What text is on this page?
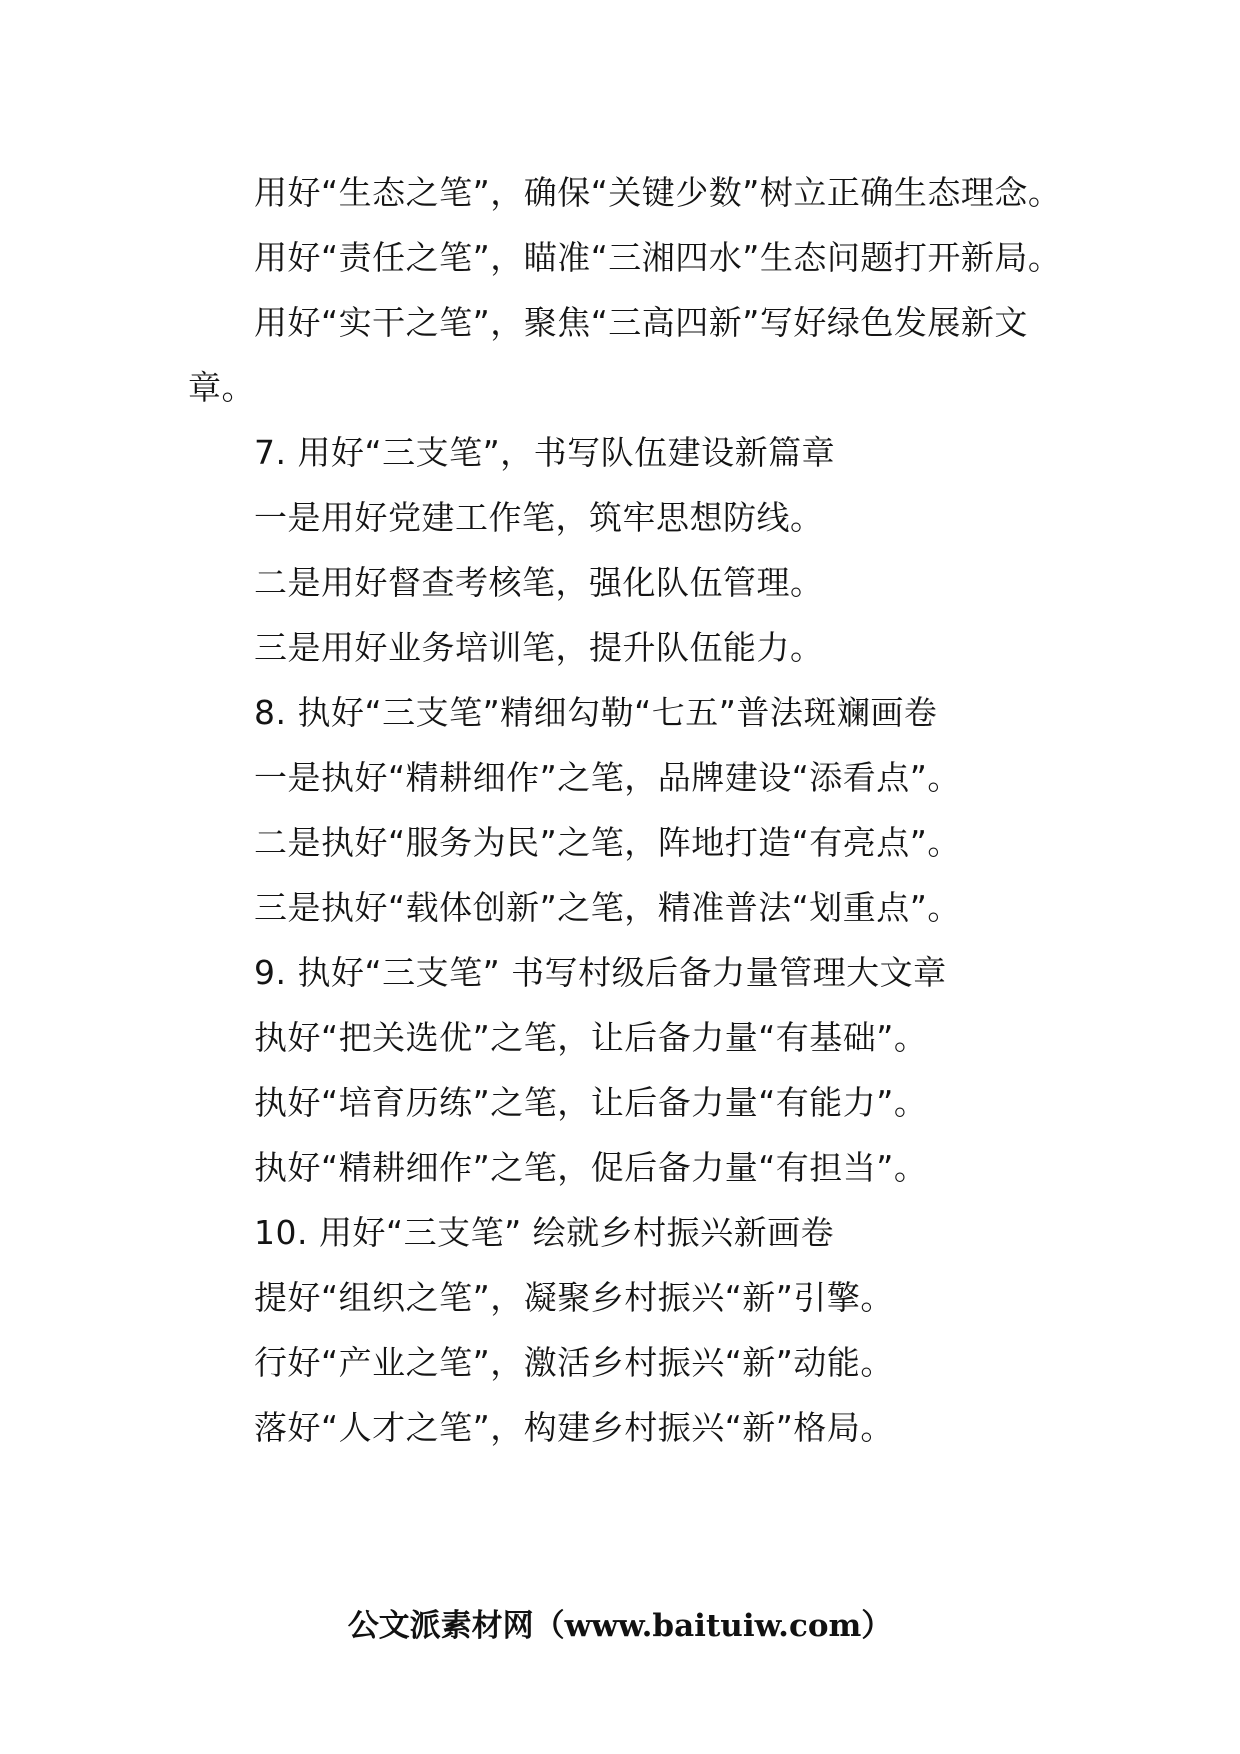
用好“生态之笔”，确保“关键少数”树立正确生态理念。

用好“责任之笔”，瞄准“三湘四水”生态问题打开新局。

用好“实干之笔”，聚焦“三高四新”写好绿色发展新文章。

7. 用好“三支笔”，书写队伍建设新篇章

一是用好党建工作笔，筑牢思想防线。

二是用好督查考核笔，强化队伍管理。

三是用好业务培训笔，提升队伍能力。

8. 执好“三支笔”精细勾勒“七五”普法斑斓画卷

一是执好“精耕细作”之笔，品牌建设“添看点”。

二是执好“服务为民”之笔，阵地打造“有亮点”。

三是执好“载体创新”之笔，精准普法“划重点”。

9. 执好“三支笔” 书写村级后备力量管理大文章

执好“把关选优”之笔，让后备力量“有基础”。

执好“培育历练”之笔，让后备力量“有能力”。

执好“精耕细作”之笔，促后备力量“有担当”。

10. 用好“三支笔” 绘就乡村振兴新画卷

提好“组织之笔”，凝聚乡村振兴“新”引擎。

行好“产业之笔”，激活乡村振兴“新”动能。

落好“人才之笔”，构建乡村振兴“新”格局。

公文派素材网（www.baituiw.com）
